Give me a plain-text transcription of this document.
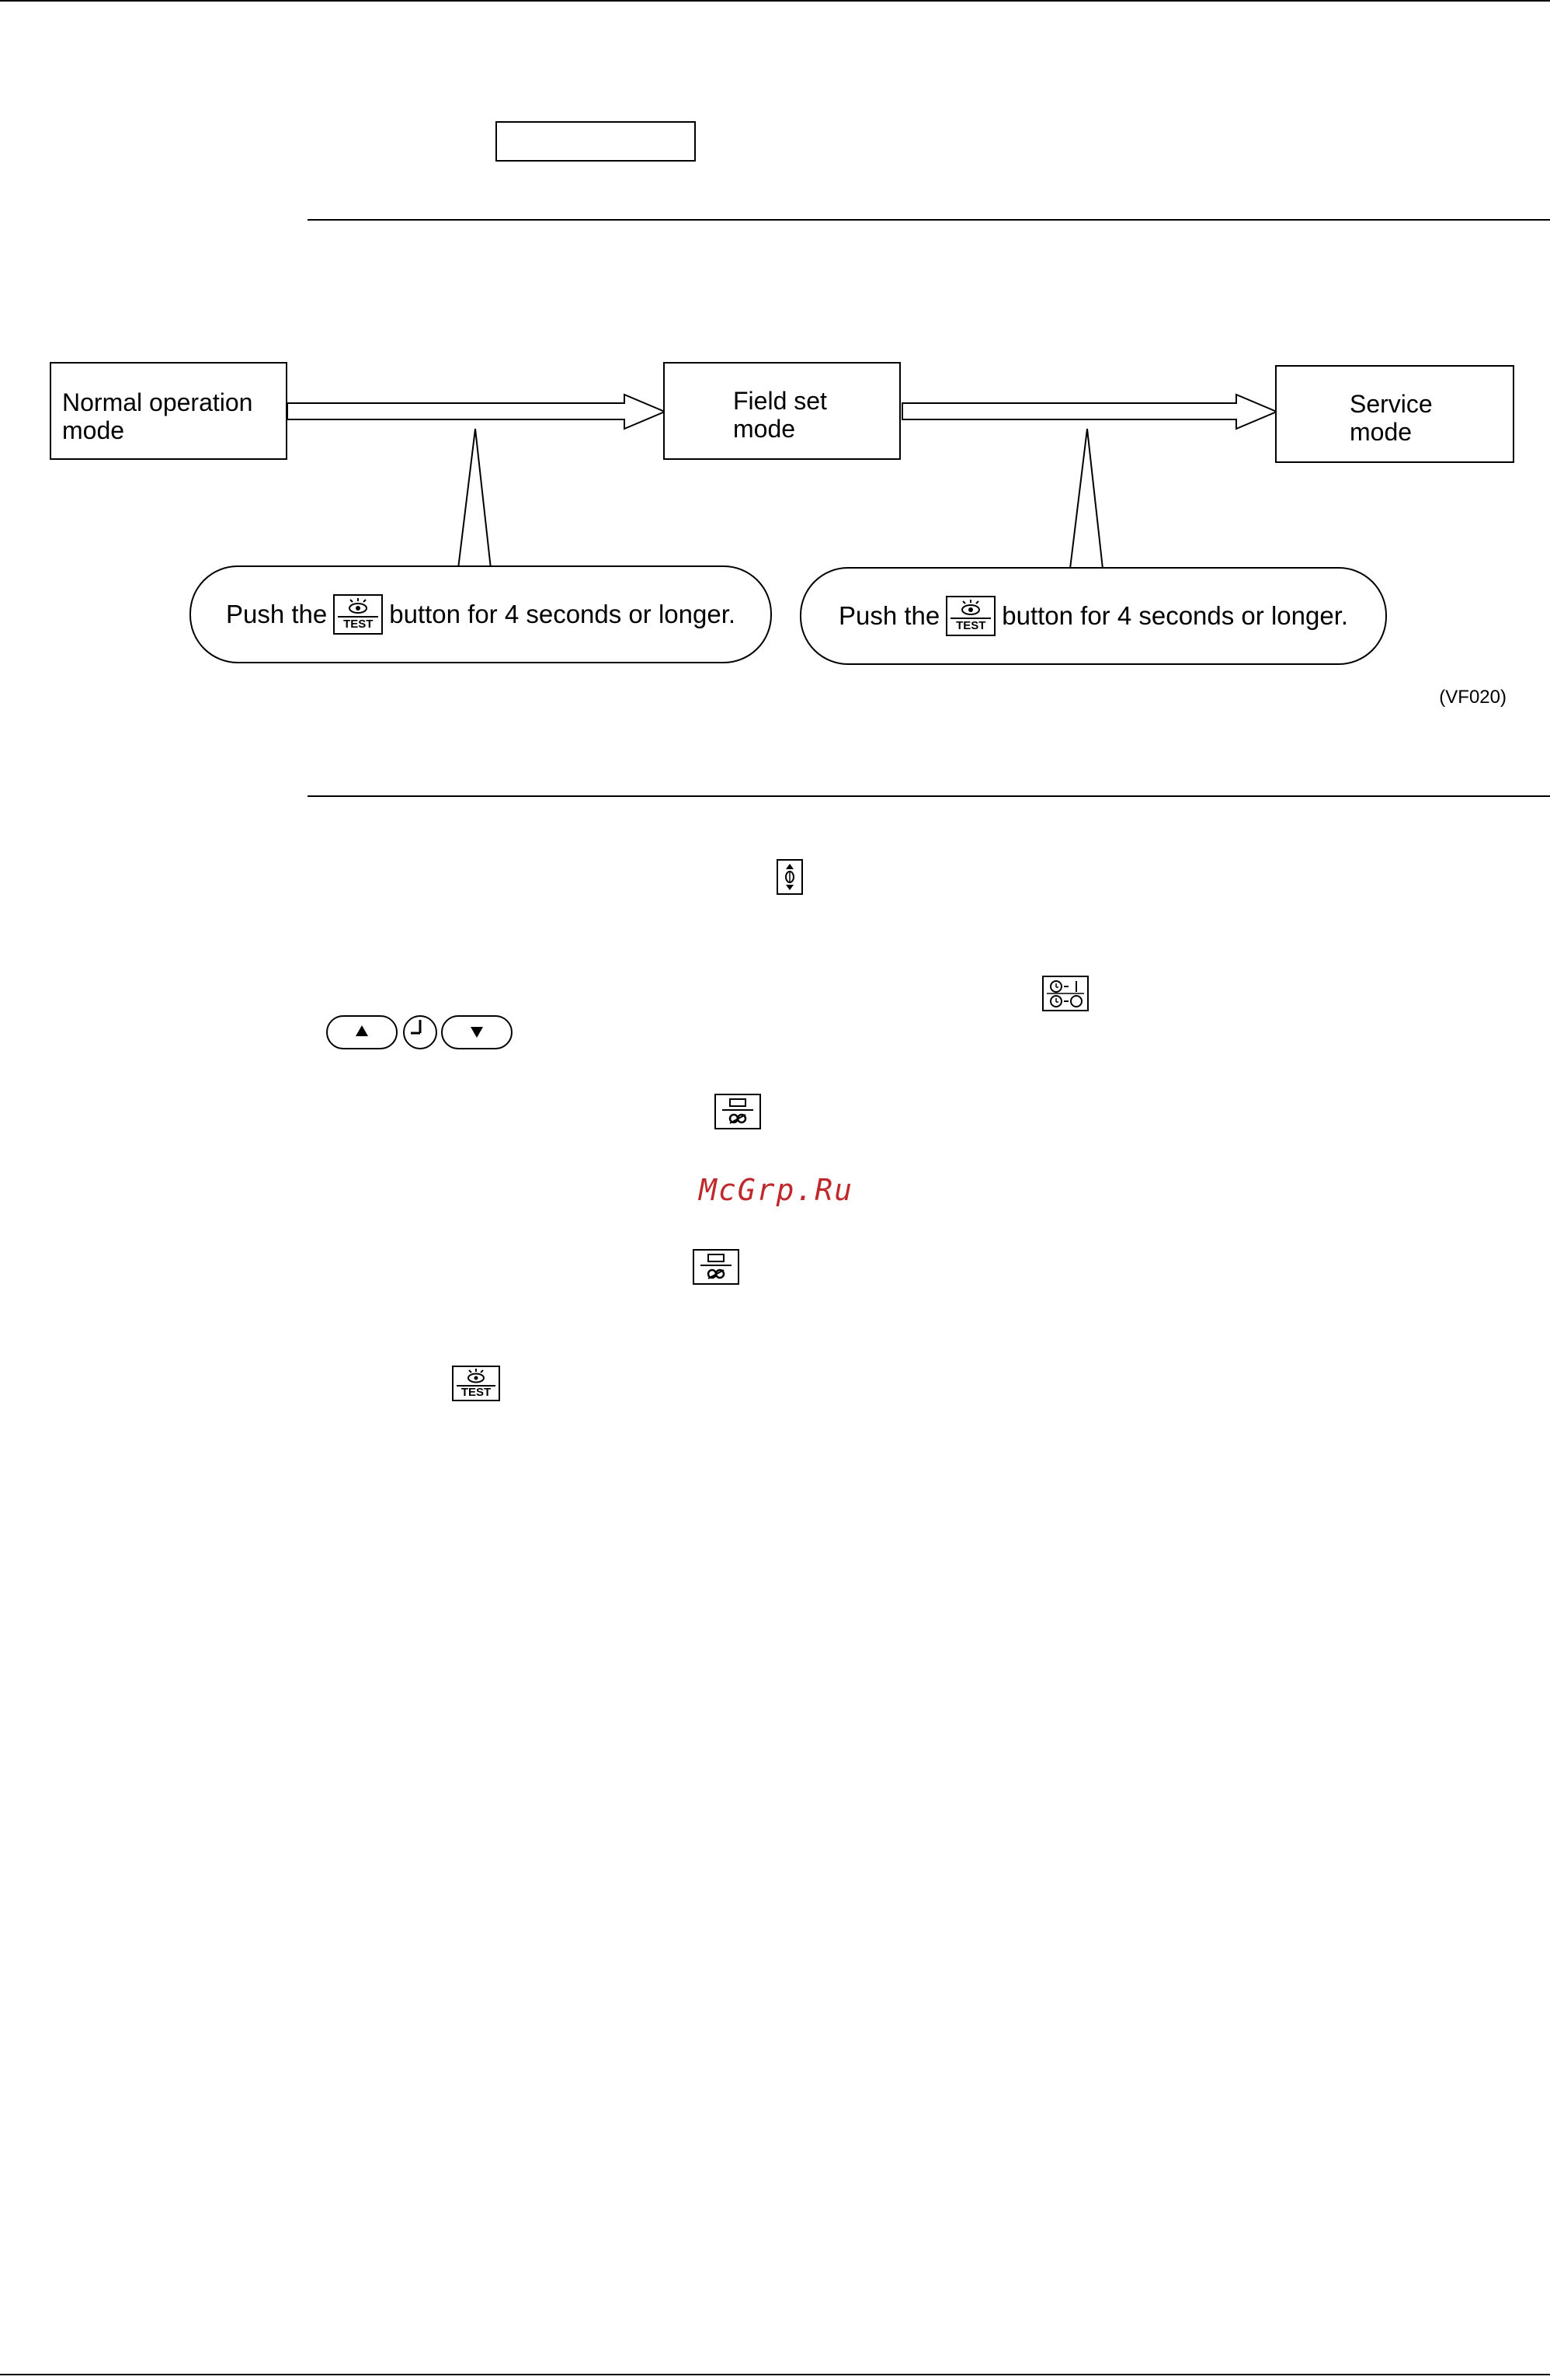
Normal operation mode
Field set mode
Service mode
Push the	TEST button for 4 seconds or longer.	Push the	TEST button for 4 seconds or longer.
(VF020)
McGrp.Ru
TEST
